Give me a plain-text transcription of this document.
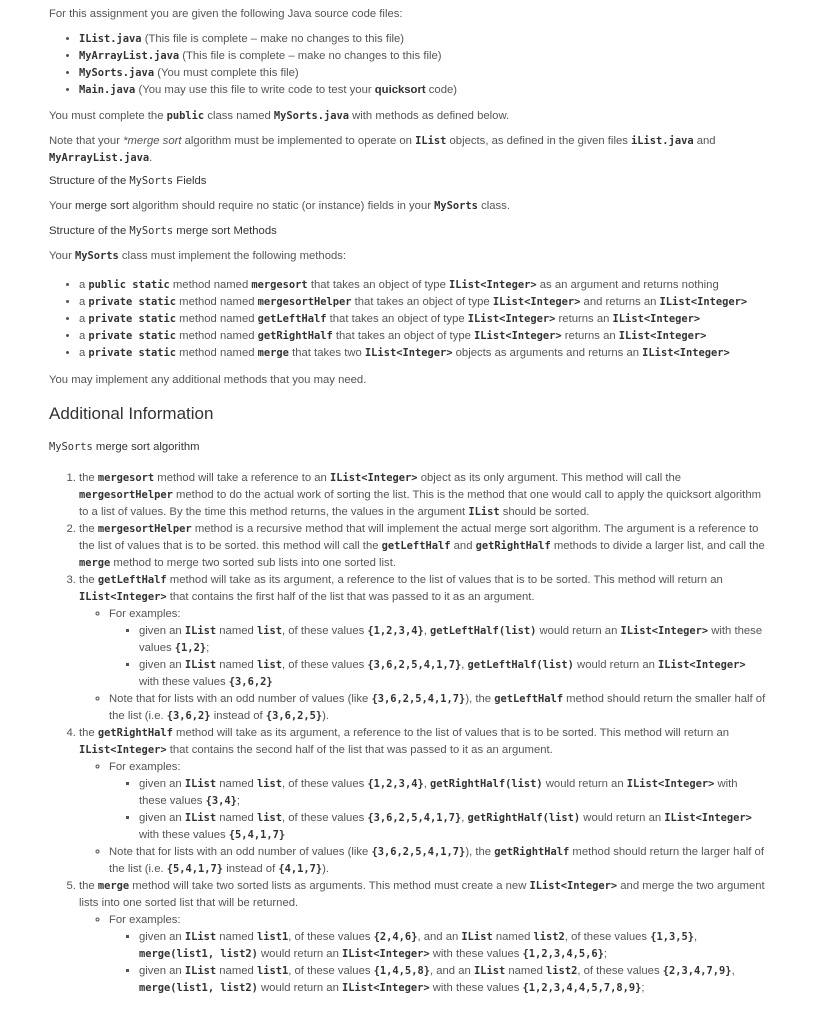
For this assignment you are given the following Java source code files:

• IList.java (This file is complete – make no changes to this file)
• MyArrayList.java (This file is complete – make no changes to this file)
• MySorts.java (You must complete this file)
• Main.java (You may use this file to write code to test your quicksort code)

You must complete the public class named MySorts.java with methods as defined below.

Note that your *merge sort algorithm must be implemented to operate on IList objects, as defined in the given files iList.java and MyArrayList.java.

Structure of the MySorts Fields

Your merge sort algorithm should require no static (or instance) fields in your MySorts class.

Structure of the MySorts merge sort Methods

Your MySorts class must implement the following methods:

• a public static method named mergesort that takes an object of type IList<Integer> as an argument and returns nothing
• a private static method named mergesortHelper that takes an object of type IList<Integer> and returns an IList<Integer>
• a private static method named getLeftHalf that takes an object of type IList<Integer> returns an IList<Integer>
• a private static method named getRightHalf that takes an object of type IList<Integer> returns an IList<Integer>
• a private static method named merge that takes two IList<Integer> objects as arguments and returns an IList<Integer>

You may implement any additional methods that you may need.

Additional Information

MySorts merge sort algorithm

1. the mergesort method will take a reference to an IList<Integer> object as its only argument. This method will call the mergesortHelper method to do the actual work of sorting the list. This is the method that one would call to apply the quicksort algorithm to a list of values. By the time this method returns, the values in the argument IList should be sorted.
2. the mergesortHelper method is a recursive method that will implement the actual merge sort algorithm. The argument is a reference to the list of values that is to be sorted. this method will call the getLeftHalf and getRightHalf methods to divide a larger list, and call the merge method to merge two sorted sub lists into one sorted list.
3. the getLeftHalf method will take as its argument, a reference to the list of values that is to be sorted. This method will return an IList<Integer> that contains the first half of the list that was passed to it as an argument.
◦ For examples:
▪ given an IList named list, of these values {1,2,3,4}, getLeftHalf(list) would return an IList<Integer> with these values {1,2};
▪ given an IList named list, of these values {3,6,2,5,4,1,7}, getLeftHalf(list) would return an IList<Integer> with these values {3,6,2}
◦ Note that for lists with an odd number of values (like {3,6,2,5,4,1,7}), the getLeftHalf method should return the smaller half of the list (i.e. {3,6,2} instead of {3,6,2,5}).
4. the getRightHalf method will take as its argument, a reference to the list of values that is to be sorted. This method will return an IList<Integer> that contains the second half of the list that was passed to it as an argument.
◦ For examples:
▪ given an IList named list, of these values {1,2,3,4}, getRightHalf(list) would return an IList<Integer> with these values {3,4};
▪ given an IList named list, of these values {3,6,2,5,4,1,7}, getRightHalf(list) would return an IList<Integer> with these values {5,4,1,7}
◦ Note that for lists with an odd number of values (like {3,6,2,5,4,1,7}), the getRightHalf method should return the larger half of the list (i.e. {5,4,1,7} instead of {4,1,7}).
5. the merge method will take two sorted lists as arguments. This method must create a new IList<Integer> and merge the two argument lists into one sorted list that will be returned.
◦ For examples:
▪ given an IList named list1, of these values {2,4,6}, and an IList named list2, of these values {1,3,5}, merge(list1, list2) would return an IList<Integer> with these values {1,2,3,4,5,6};
▪ given an IList named list1, of these values {1,4,5,8}, and an IList named list2, of these values {2,3,4,7,9}, merge(list1, list2) would return an IList<Integer> with these values {1,2,3,4,4,5,7,8,9};
